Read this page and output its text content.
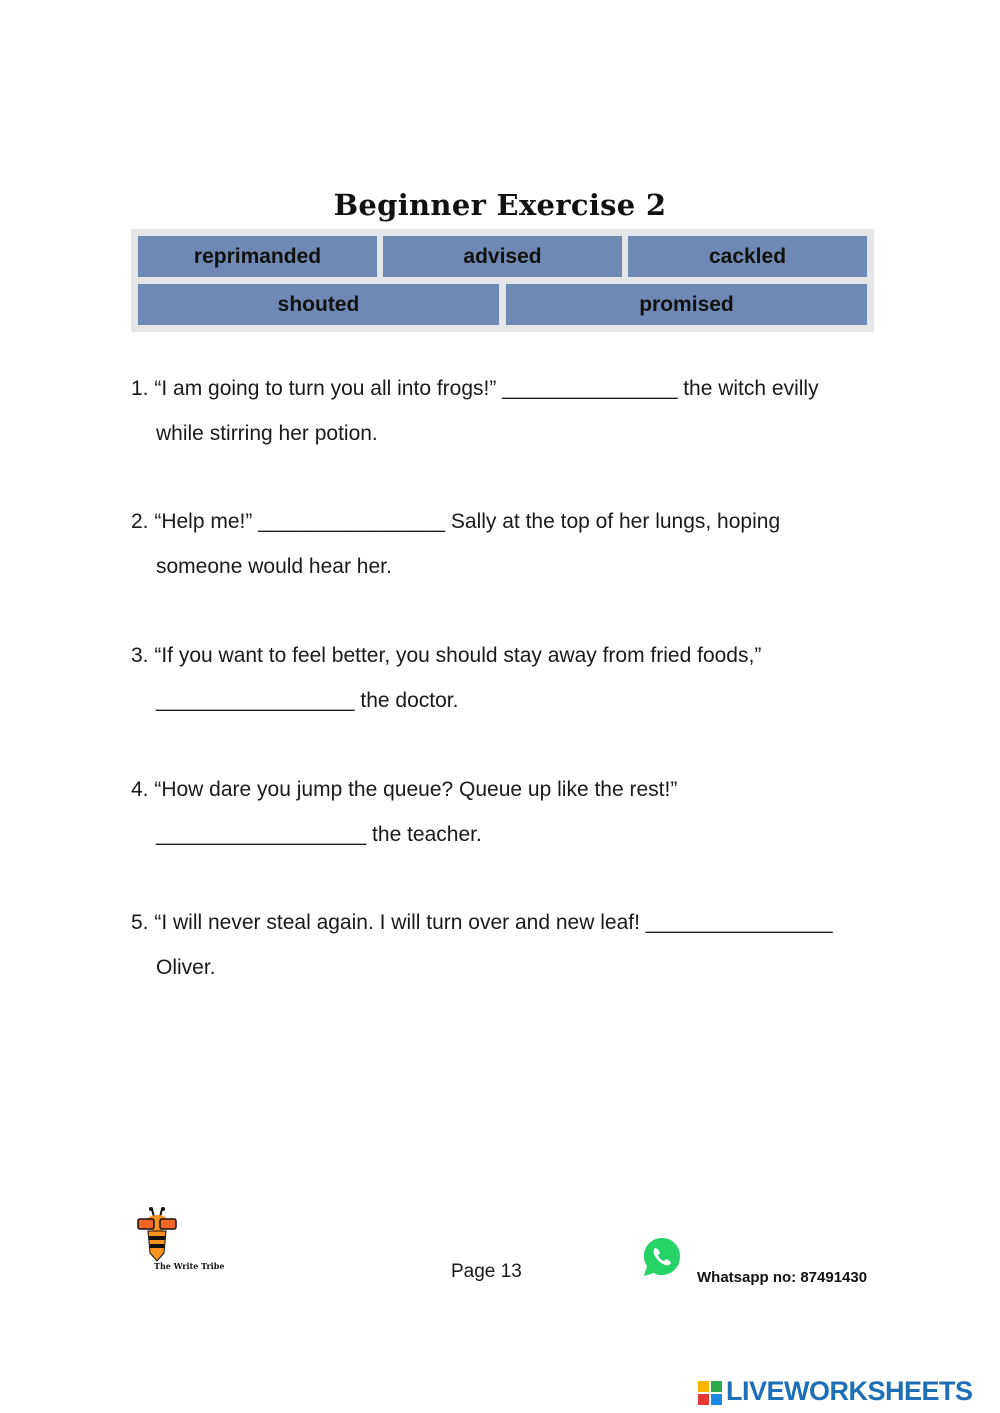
Beginner Exercise 2
reprimanded	advised	cackled
shouted	promised
1. “I am going to turn you all into frogs!” _______________ the witch evilly
while stirring her potion.
2. “Help me!” ________________ Sally at the top of her lungs, hoping
someone would hear her.
3. “If you want to feel better, you should stay away from fried foods,”
_________________ the doctor.
4. “How dare you jump the queue? Queue up like the rest!”
__________________ the teacher.
5. “I will never steal again. I will turn over and new leaf! ________________
Oliver.
The Write Tribe	Page 13	Whatsapp no: 87491430
LIVEWORKSHEETS
